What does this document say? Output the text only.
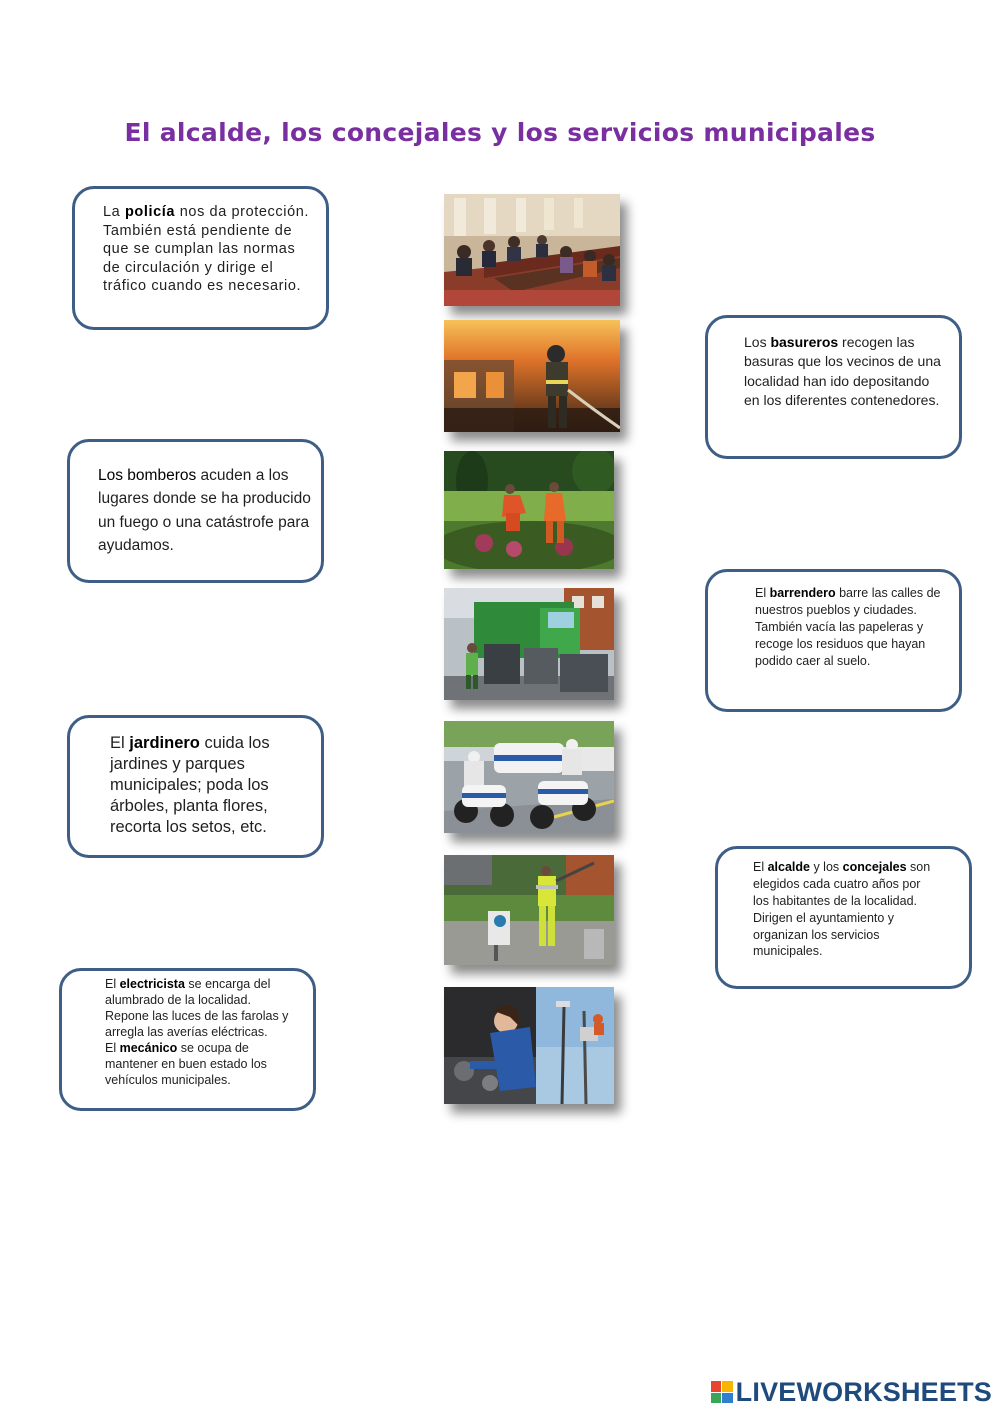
El alcalde, los concejales y los servicios municipales

La policía nos da protección. También está pendiente de que se cumplan las normas de circulación y dirige el tráfico cuando es necesario.

Los bomberos acuden a los lugares donde se ha producido un fuego o una catástrofe para ayudamos.

El jardinero cuida los jardines y parques municipales; poda los árboles, planta flores, recorta los setos, etc.

El electricista se encarga del alumbrado de la localidad. Repone las luces de las farolas y arregla las averías eléctricas.

El mecánico se ocupa de mantener en buen estado los vehículos municipales.

Los basureros recogen las basuras que los vecinos de una localidad han ido depositando en los diferentes contenedores.

El barrendero barre las calles de nuestros pueblos y ciudades. También vacía las papeleras y recoge los residuos que hayan podido caer al suelo.

El alcalde y los concejales son elegidos cada cuatro años por los habitantes de la localidad. Dirigen el ayuntamiento y organizan los servicios municipales.

LIVEWORKSHEETS
